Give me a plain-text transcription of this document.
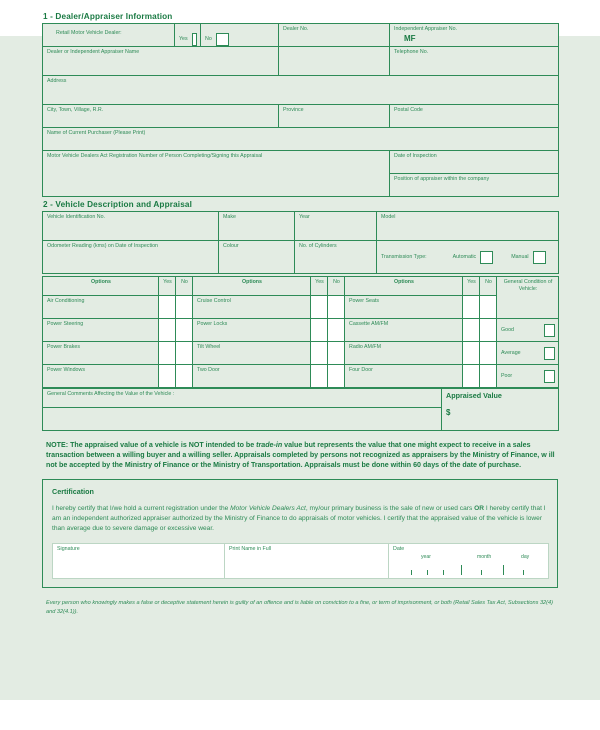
1 - Dealer/Appraiser Information
Retail Motor Vehicle Dealer:	Yes	No	Dealer No.	Independent Appraiser No.
MF

Dealer or Independent Appraiser Name				Telephone No.
Address				
City, Town, Village, R.R.			Province	Postal Code
Name of Current Purchaser (Please Print)				
Motor Vehicle Dealers Act Registration Number of Person Completing/Signing this Appraisal				Date of Inspection
				Position of appraiser within the company
2 - Vehicle Description and Appraisal
Vehicle Identification No.	Make	Year	Model
Odometer Reading (kms) on Date of Inspection	Colour	No. of Cylinders	Transmission Type: Automatic Manual
Options	Yes	No	Options	Yes	No	Options	Yes	No	General Condition of Vehicle:
Air Conditioning			Cruise Control			Power Seats			
Power Steering			Power Locks			Cassette AM/FM			Good

Power Brakes			Tilt Wheel			Radio AM/FM			Average

Power Windows			Two Door			Four Door			Poor
General Comments Affecting the Value of the Vehicle :	Appraised Value
$

NOTE: The appraised value of a vehicle is NOT intended to be trade-in value but represents the value that one might expect to receive in a sales transaction between a willing buyer and a willing seller. Appraisals completed by persons not recognized as appraisers by the Ministry of Finance, w ill not be accepted by the Ministry of Finance or the Ministry of Transportation. Appraisals must be done within 60 days of the date of purchase.
Certification
I hereby certify that I/we hold a current registration under the Motor Vehicle Dealers Act, my/our primary business is the sale of new or used cars OR I hereby certify that I am an independent authorized appraiser authorized by the Ministry of Finance to do appraisals of motor vehicles. I certify that the appraised value of the vehicle is lower than average due to severe damage or excessive wear.
Signature	Print Name in Full	Date
year	month	day
Every person who knowingly makes a false or deceptive statement herein is guilty of an offence and is liable on conviction to a fine, or term of imprisonment, or both (Retail Sales Tax Act, Subsections 32(4) and 32(4.1)).
